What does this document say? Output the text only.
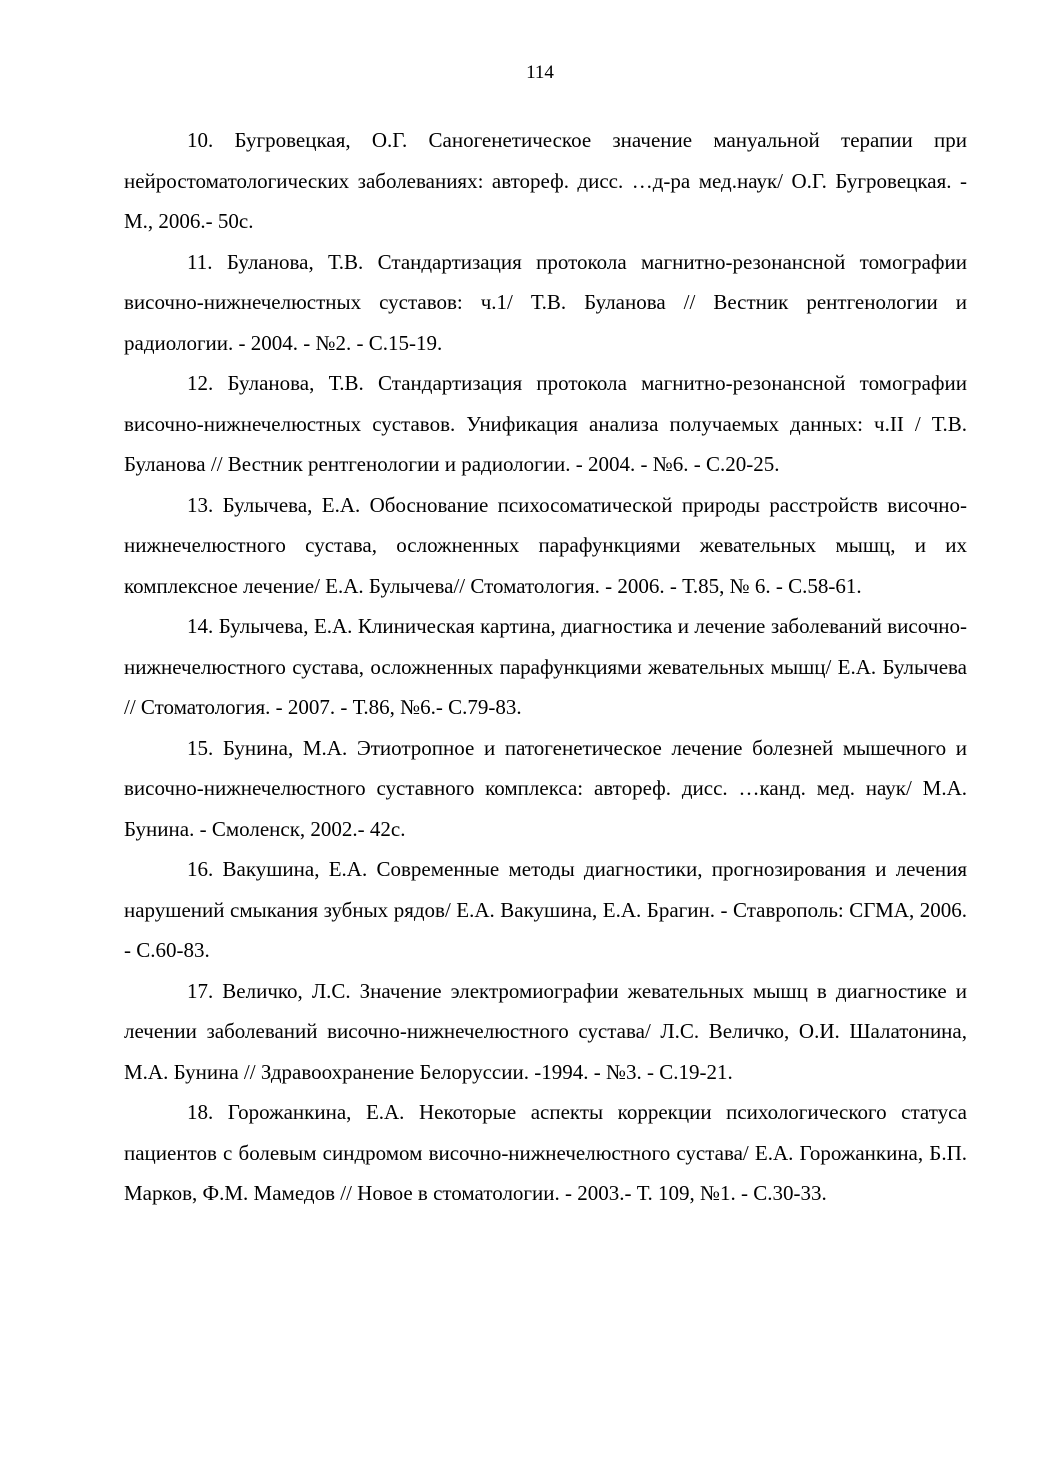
114
10. Бугровецкая, О.Г. Саногенетическое значение мануальной терапии при нейростоматологических заболеваниях: автореф. дисс. …д-ра мед.наук/ О.Г. Бугровецкая. - М., 2006.- 50с.
11. Буланова, Т.В. Стандартизация протокола магнитно-резонансной томографии височно-нижнечелюстных суставов: ч.1/ Т.В. Буланова // Вестник рентгенологии и радиологии. - 2004. - №2. - С.15-19.
12. Буланова, Т.В. Стандартизация протокола магнитно-резонансной томографии височно-нижнечелюстных суставов. Унификация анализа получаемых данных: ч.II / Т.В. Буланова // Вестник рентгенологии и радиологии. - 2004. - №6. - С.20-25.
13. Булычева, Е.А. Обоснование психосоматической природы расстройств височно-нижнечелюстного сустава, осложненных парафункциями жевательных мышц, и их комплексное лечение/ Е.А. Булычева// Стоматология. - 2006. - Т.85, № 6. - С.58-61.
14. Булычева, Е.А. Клиническая картина, диагностика и лечение заболеваний височно-нижнечелюстного сустава, осложненных парафункциями жевательных мышц/ Е.А. Булычева // Стоматология. - 2007. - Т.86, №6.- С.79-83.
15. Бунина, М.А. Этиотропное и патогенетическое лечение болезней мышечного и височно-нижнечелюстного суставного комплекса: автореф. дисс. …канд. мед. наук/ М.А. Бунина. - Смоленск, 2002.- 42с.
16. Вакушина, Е.А. Современные методы диагностики, прогнозирования и лечения нарушений смыкания зубных рядов/ Е.А. Вакушина, Е.А. Брагин. - Ставрополь: СГМА, 2006. - С.60-83.
17. Величко, Л.С. Значение электромиографии жевательных мышц в диагностике и лечении заболеваний височно-нижнечелюстного сустава/ Л.С. Величко, О.И. Шалатонина, М.А. Бунина // Здравоохранение Белоруссии. -1994. - №3. - С.19-21.
18. Горожанкина, Е.А. Некоторые аспекты коррекции психологического статуса пациентов с болевым синдромом височно-нижнечелюстного сустава/ Е.А. Горожанкина, Б.П. Марков, Ф.М. Мамедов // Новое в стоматологии. - 2003.- Т. 109, №1. - С.30-33.
